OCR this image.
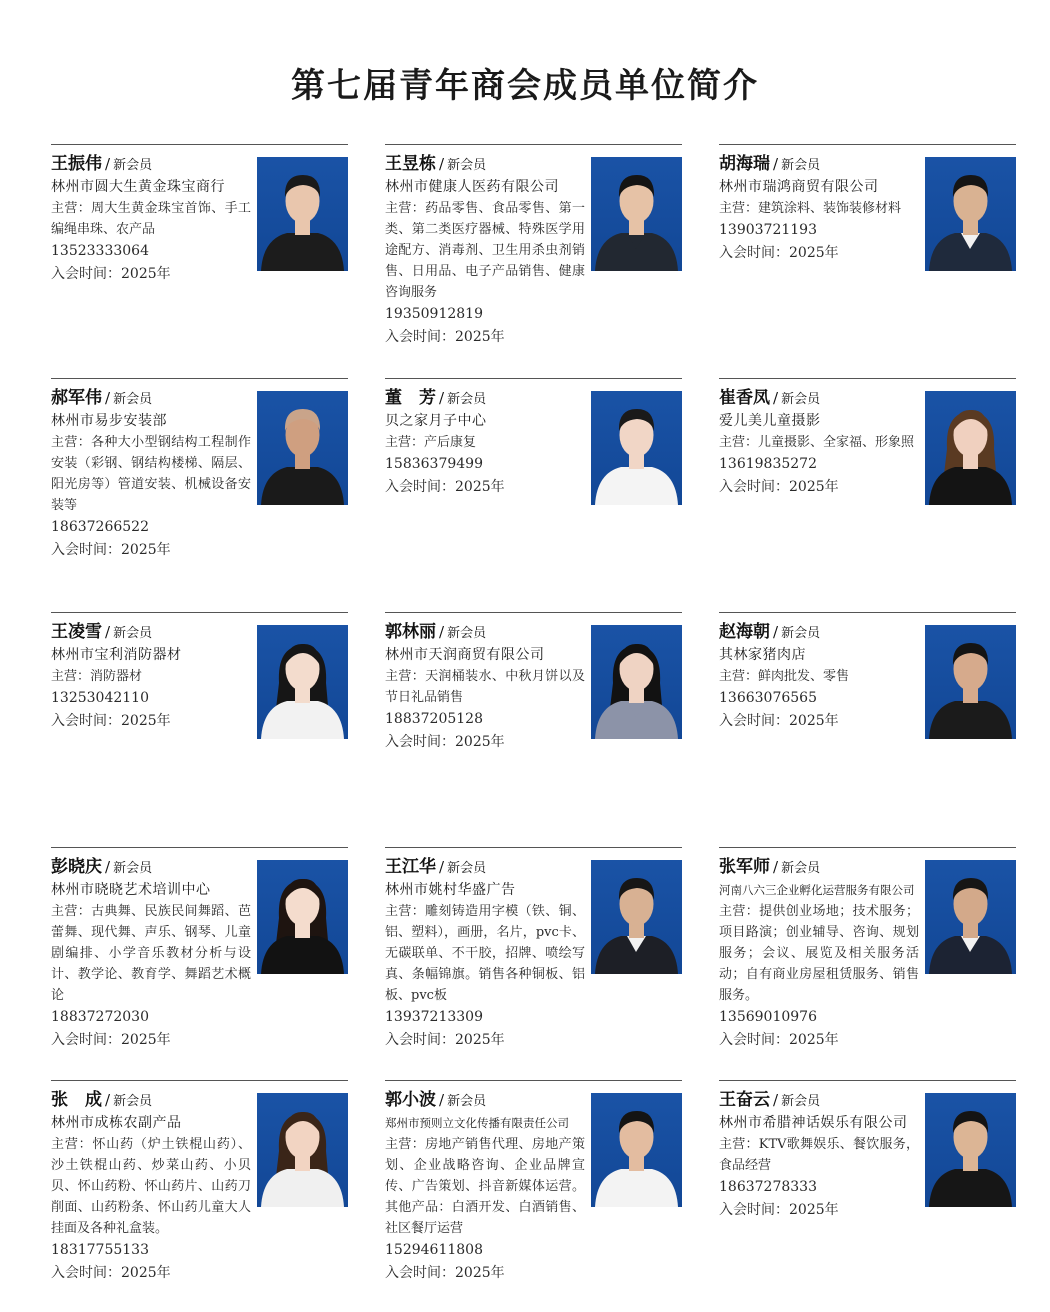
第七届青年商会成员单位简介
王振伟 / 新会员
林州市圆大生黄金珠宝商行
主营：周大生黄金珠宝首饰、手工编绳串珠、农产品
13523333064
入会时间：2025年
王昱栋 / 新会员
林州市健康人医药有限公司
主营：药品零售、食品零售、第一类、第二类医疗器械、特殊医学用途配方、消毒剂、卫生用杀虫剂销售、日用品、电子产品销售、健康咨询服务
19350912819
入会时间：2025年
胡海瑞 / 新会员
林州市瑞鸿商贸有限公司
主营：建筑涂料、装饰装修材料
13903721193
入会时间：2025年
郝军伟 / 新会员
林州市易步安装部
主营：各种大小型钢结构工程制作安装（彩钢、钢结构楼梯、隔层、阳光房等）管道安装、机械设备安装等
18637266522
入会时间：2025年
董　芳 / 新会员
贝之家月子中心
主营：产后康复
15836379499
入会时间：2025年
崔香凤 / 新会员
爱儿美儿童摄影
主营：儿童摄影、全家福、形象照
13619835272
入会时间：2025年
王凌雪 / 新会员
林州市宝利消防器材
主营：消防器材
13253042110
入会时间：2025年
郭林丽 / 新会员
林州市天润商贸有限公司
主营：天润桶装水、中秋月饼以及节日礼品销售
18837205128
入会时间：2025年
赵海朝 / 新会员
其林家猪肉店
主营：鲜肉批发、零售
13663076565
入会时间：2025年
彭晓庆 / 新会员
林州市晓晓艺术培训中心
主营：古典舞、民族民间舞蹈、芭蕾舞、现代舞、声乐、钢琴、儿童剧编排、小学音乐教材分析与设计、教学论、教育学、舞蹈艺术概论
18837272030
入会时间：2025年
王江华 / 新会员
林州市姚村华盛广告
主营：雕刻铸造用字模（铁、铜、铝、塑料），画册，名片，pvc卡、无碳联单、不干胶，招牌、喷绘写真、条幅锦旗。销售各种铜板、铝板、pvc板
13937213309
入会时间：2025年
张军师 / 新会员
河南八六三企业孵化运营服务有限公司
主营：提供创业场地；技术服务；项目路演；创业辅导、咨询、规划服务；会议、展览及相关服务活动；自有商业房屋租赁服务、销售服务。
13569010976
入会时间：2025年
张　成 / 新会员
林州市成栋农副产品
主营：怀山药（炉土铁棍山药）、沙土铁棍山药、炒菜山药、小贝贝、怀山药粉、怀山药片、山药刀削面、山药粉条、怀山药儿童大人挂面及各种礼盒装。
18317755133
入会时间：2025年
郭小波 / 新会员
郑州市预则立文化传播有限责任公司
主营：房地产销售代理、房地产策划、企业战略咨询、企业品牌宣传、广告策划、抖音新媒体运营。其他产品：白酒开发、白酒销售、社区餐厅运营
15294611808
入会时间：2025年
王奋云 / 新会员
林州市希腊神话娱乐有限公司
主营：KTV歌舞娱乐、餐饮服务，食品经营
18637278333
入会时间：2025年
